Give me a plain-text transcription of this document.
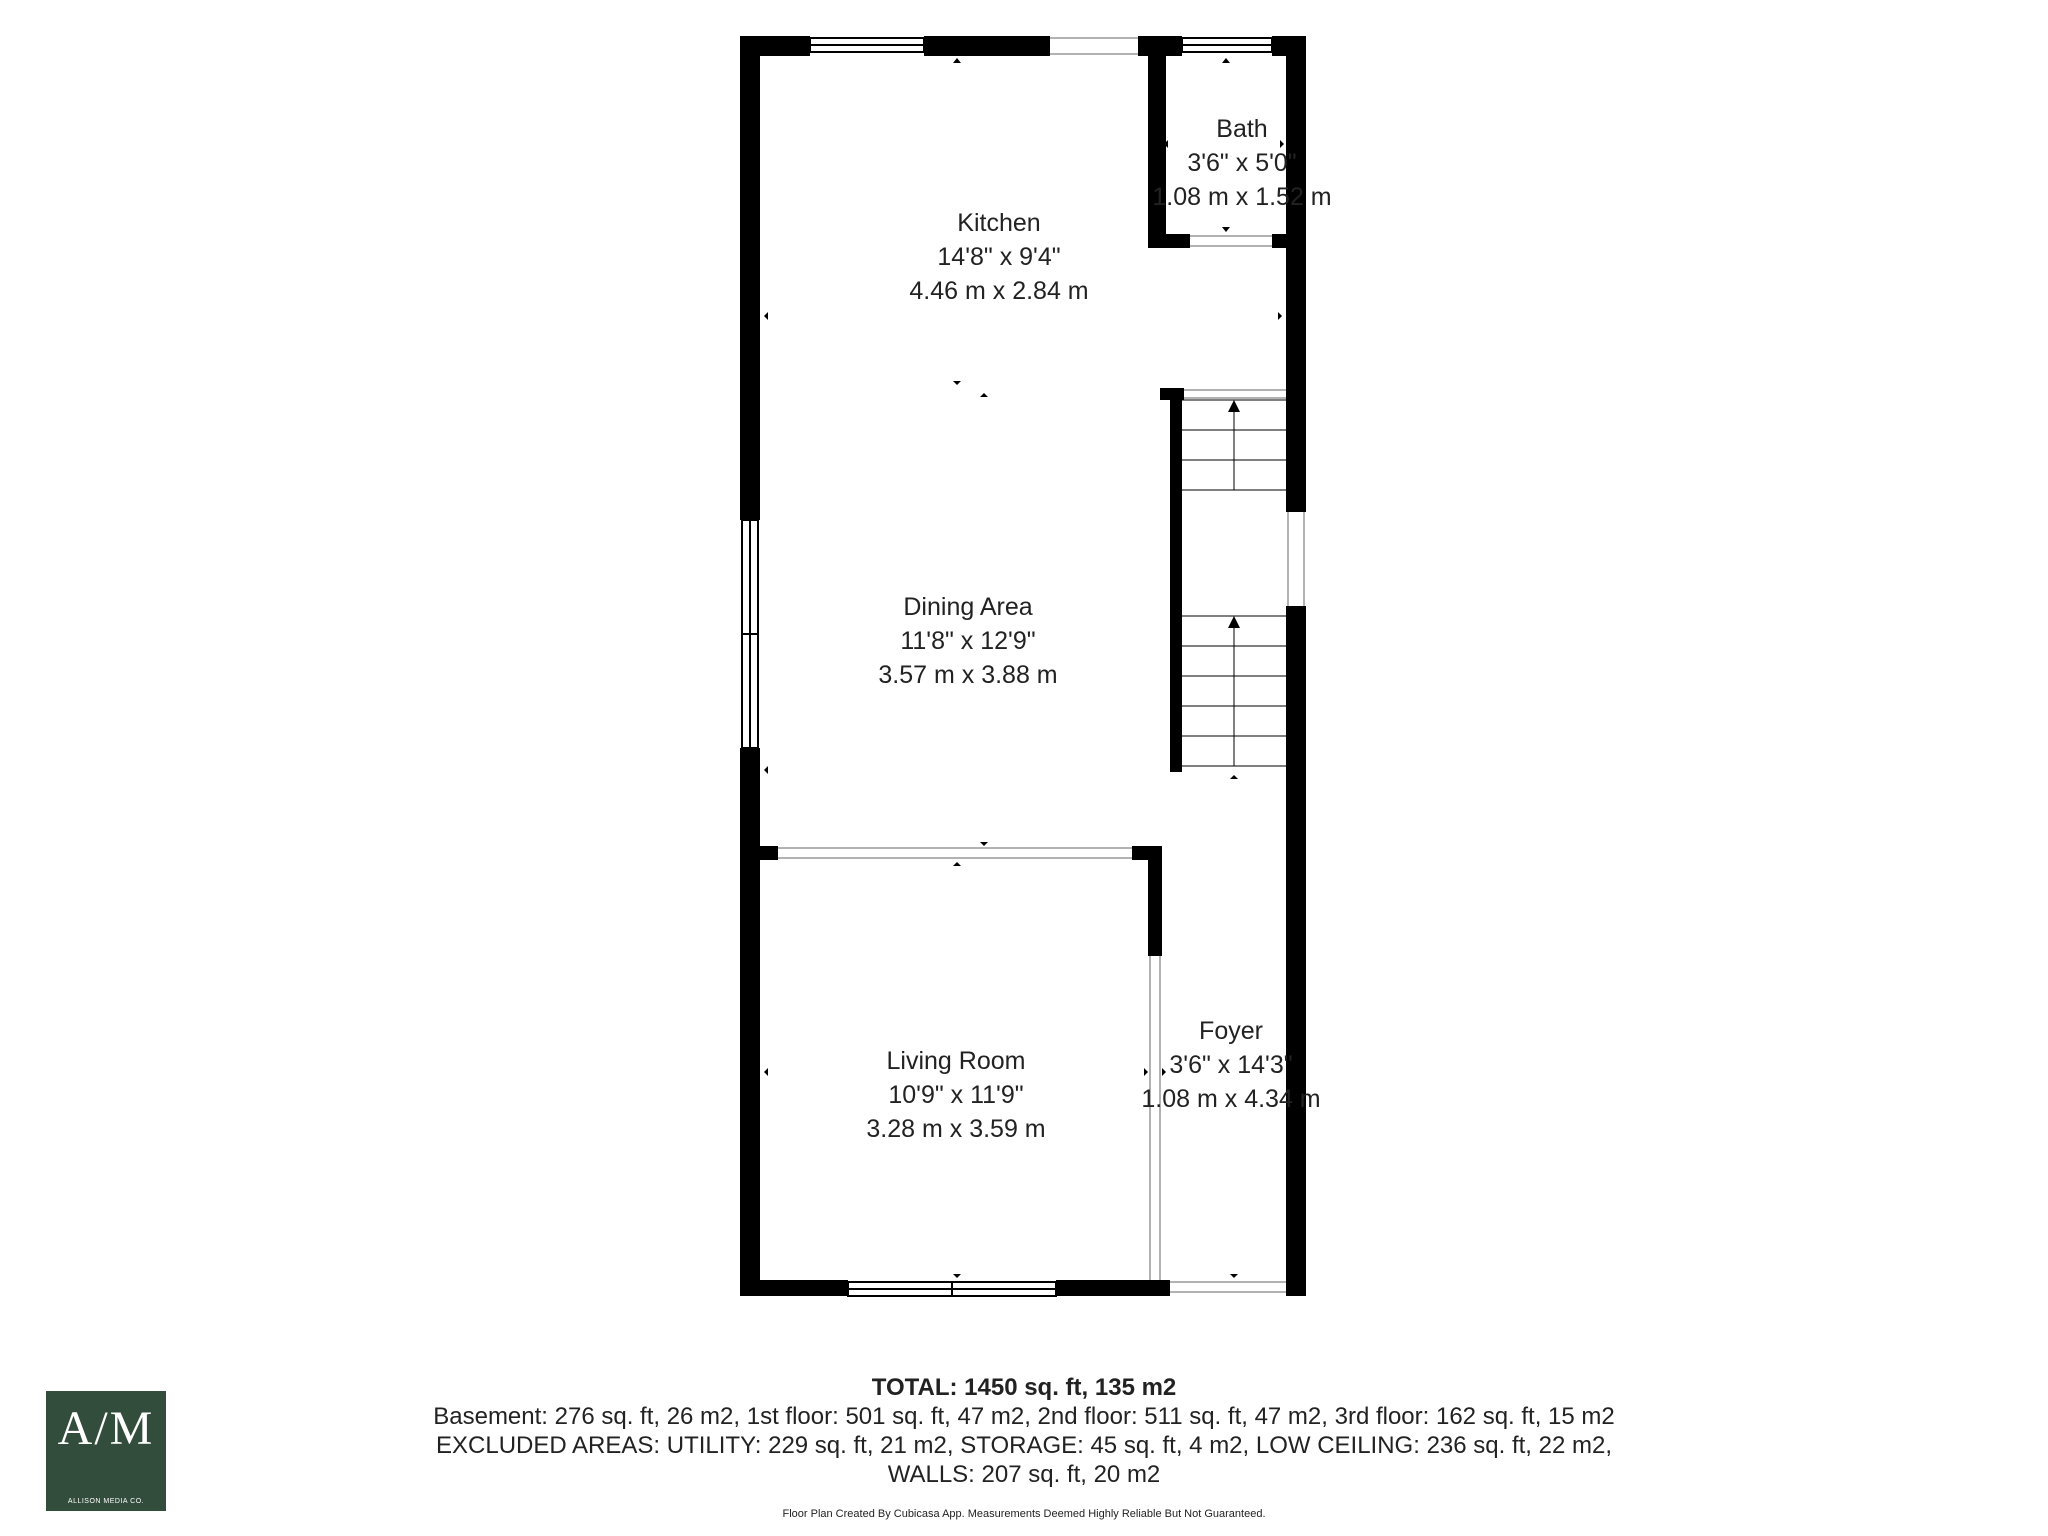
Kitchen
14'8" x 9'4"
4.46 m x 2.84 m
Bath
3'6" x 5'0"
1.08 m x 1.52 m
Dining Area
11'8" x 12'9"
3.57 m x 3.88 m
Living Room
10'9" x 11'9"
3.28 m x 3.59 m
Foyer
3'6" x 14'3"
1.08 m x 4.34 m
TOTAL: 1450 sq. ft, 135 m2
Basement: 276 sq. ft, 26 m2, 1st floor: 501 sq. ft, 47 m2, 2nd floor: 511 sq. ft, 47 m2, 3rd floor: 162 sq. ft, 15 m2
EXCLUDED AREAS: UTILITY: 229 sq. ft, 21 m2, STORAGE: 45 sq. ft, 4 m2, LOW CEILING: 236 sq. ft, 22 m2,
WALLS: 207 sq. ft, 20 m2
Floor Plan Created By Cubicasa App. Measurements Deemed Highly Reliable But Not Guaranteed.
A/M
ALLISON MEDIA CO.
